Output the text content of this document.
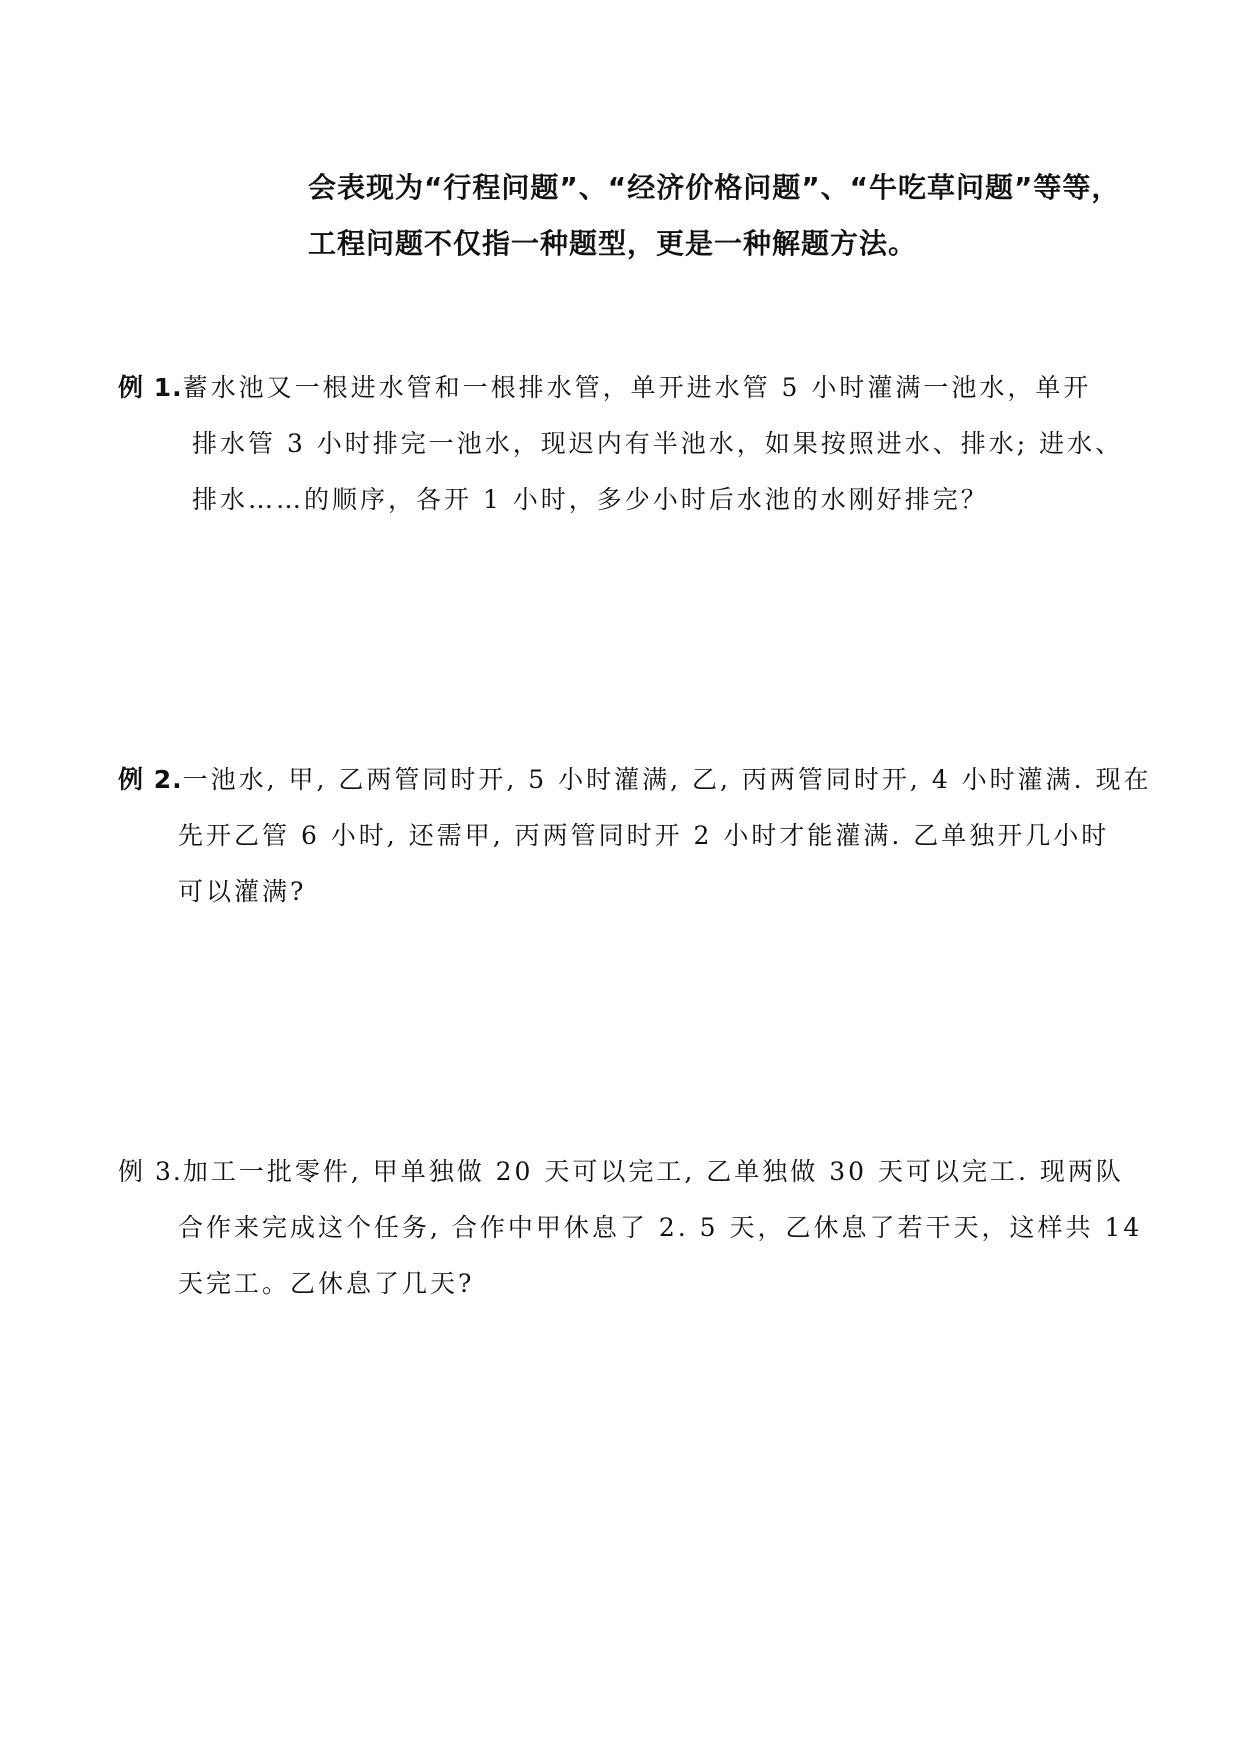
会表现为“行程问题”、“经济价格问题”、“牛吃草问题”等等，
工程问题不仅指一种题型，更是一种解题方法。
例 1.蓄水池又一根进水管和一根排水管，单开进水管 5 小时灌满一池水，单开
排水管 3 小时排完一池水，现迟内有半池水，如果按照进水、排水; 进水、
排水……的顺序，各开 1 小时，多少小时后水池的水刚好排完？
例 2.一池水, 甲, 乙两管同时开, 5 小时灌满, 乙, 丙两管同时开, 4 小时灌满. 现在
先开乙管 6 小时, 还需甲, 丙两管同时开 2 小时才能灌满. 乙单独开几小时
可以灌满?
例 3.加工一批零件, 甲单独做 20 天可以完工, 乙单独做 30 天可以完工. 现两队
合作来完成这个任务, 合作中甲休息了 2. 5 天，乙休息了若干天，这样共 14
天完工。乙休息了几天?
